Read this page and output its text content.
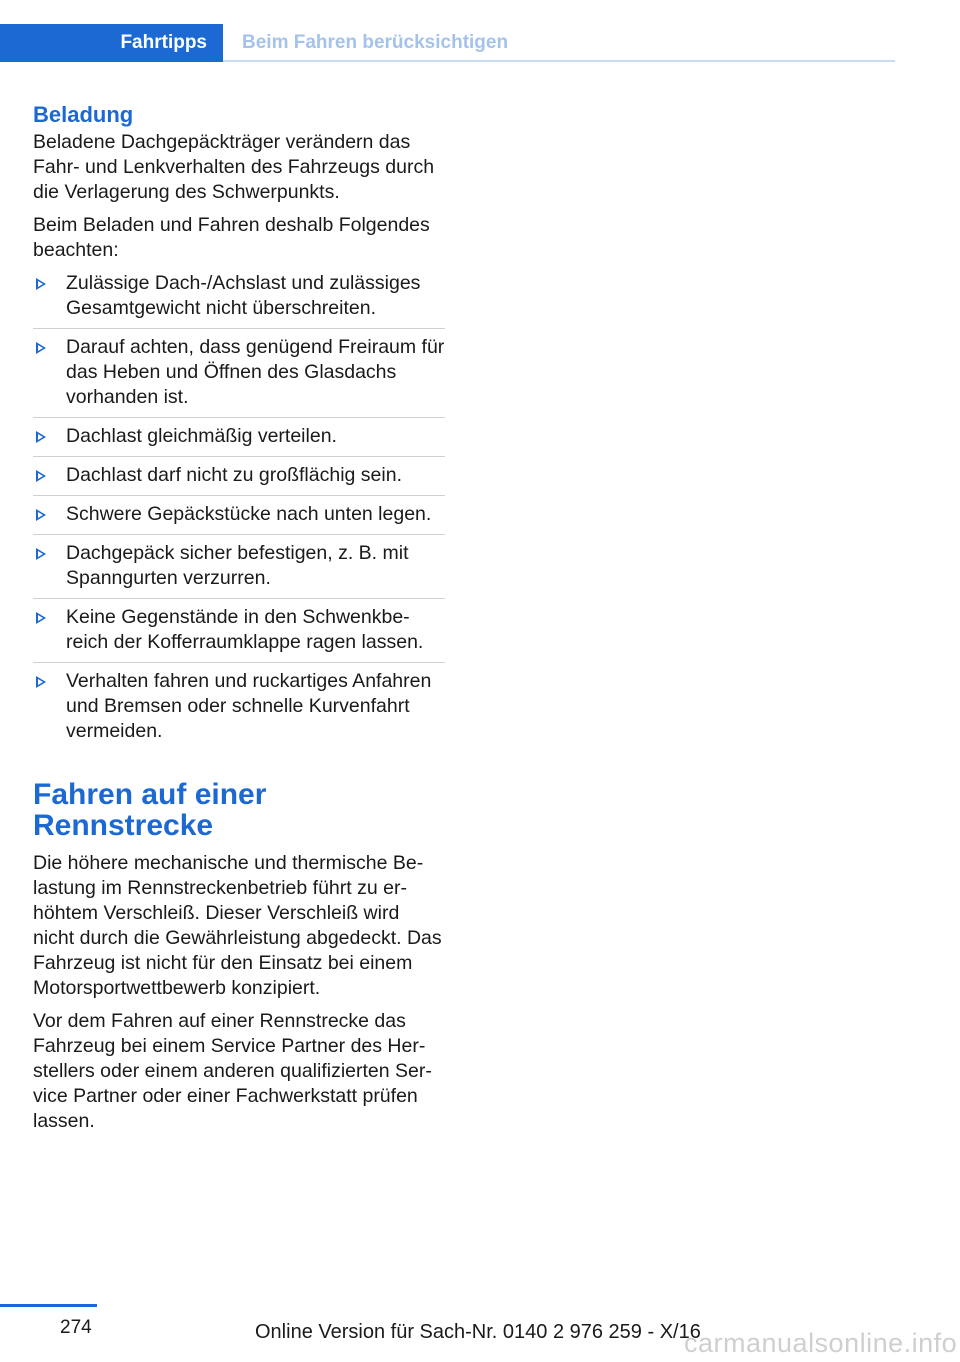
Fahrtipps	Beim Fahren berücksichtigen
Beladung

Beladene Dachgepäckträger verändern das Fahr- und Lenkverhalten des Fahrzeugs durch die Verlagerung des Schwerpunkts.

Beim Beladen und Fahren deshalb Folgendes beachten:

Zulässige Dach-/Achslast und zulässiges Gesamtgewicht nicht überschreiten.
Darauf achten, dass genügend Freiraum für das Heben und Öffnen des Glasdachs vorhanden ist.
Dachlast gleichmäßig verteilen.
Dachlast darf nicht zu großflächig sein.
Schwere Gepäckstücke nach unten legen.
Dachgepäck sicher befestigen, z. B. mit Spanngurten verzurren.
Keine Gegenstände in den Schwenkbereich der Kofferraumklappe ragen lassen.
Verhalten fahren und ruckartiges Anfahren und Bremsen oder schnelle Kurvenfahrt vermeiden.
Fahren auf einer Rennstrecke

Die höhere mechanische und thermische Belastung im Rennstreckenbetrieb führt zu erhöhtem Verschleiß. Dieser Verschleiß wird nicht durch die Gewährleistung abgedeckt. Das Fahrzeug ist nicht für den Einsatz bei einem Motorsportwettbewerb konzipiert.

Vor dem Fahren auf einer Rennstrecke das Fahrzeug bei einem Service Partner des Herstellers oder einem anderen qualifizierten Service Partner oder einer Fachwerkstatt prüfen lassen.

274	Online Version für Sach-Nr. 0140 2 976 259 - X/16
carmanualsonline.info
